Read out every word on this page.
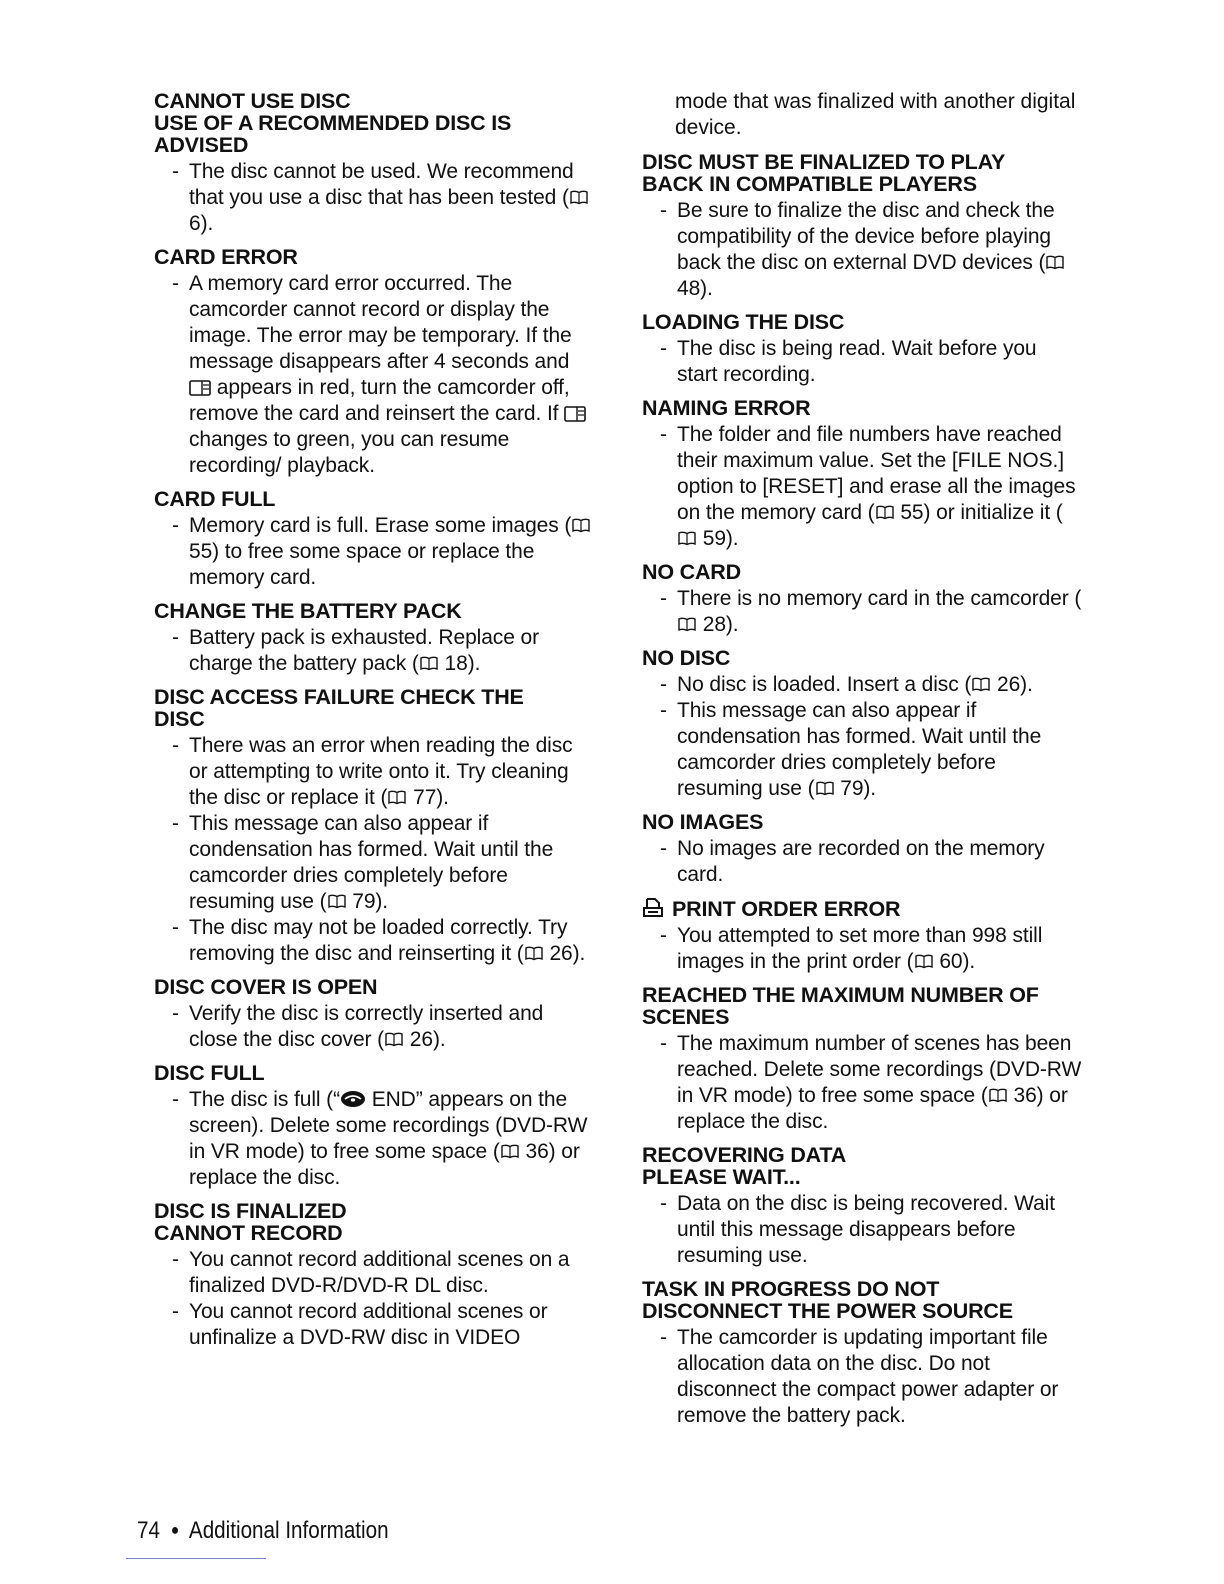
CANNOT USE DISC
USE OF A RECOMMENDED DISC IS
ADVISED
- The disc cannot be used. We recommend that you use a disc that has been tested ( 6).
CARD ERROR
- A memory card error occurred. The camcorder cannot record or display the image. The error may be temporary. If the message disappears after 4 seconds and  appears in red, turn the camcorder off, remove the card and reinsert the card. If  changes to green, you can resume recording/ playback.
CARD FULL
- Memory card is full. Erase some images ( 55) to free some space or replace the memory card.
CHANGE THE BATTERY PACK
- Battery pack is exhausted. Replace or charge the battery pack ( 18).
DISC ACCESS FAILURE CHECK THE
DISC
- There was an error when reading the disc or attempting to write onto it. Try cleaning the disc or replace it ( 77).
- This message can also appear if condensation has formed. Wait until the camcorder dries completely before resuming use ( 79).
- The disc may not be loaded correctly. Try removing the disc and reinserting it ( 26).
DISC COVER IS OPEN
- Verify the disc is correctly inserted and close the disc cover ( 26).
DISC FULL
- The disc is full (“ END” appears on the screen). Delete some recordings (DVD-RW in VR mode) to free some space ( 36) or replace the disc.
DISC IS FINALIZED
CANNOT RECORD
- You cannot record additional scenes on a finalized DVD-R/DVD-R DL disc.
- You cannot record additional scenes or unfinalize a DVD-RW disc in VIDEO
mode that was finalized with another digital device.
DISC MUST BE FINALIZED TO PLAY
BACK IN COMPATIBLE PLAYERS
- Be sure to finalize the disc and check the compatibility of the device before playing back the disc on external DVD devices ( 48).
LOADING THE DISC
- The disc is being read. Wait before you start recording.
NAMING ERROR
- The folder and file numbers have reached their maximum value. Set the [FILE NOS.] option to [RESET] and erase all the images on the memory card ( 55) or initialize it ( 59).
NO CARD
- There is no memory card in the camcorder ( 28).
NO DISC
- No disc is loaded. Insert a disc ( 26).
- This message can also appear if condensation has formed. Wait until the camcorder dries completely before resuming use ( 79).
NO IMAGES
- No images are recorded on the memory card.
PRINT ORDER ERROR
- You attempted to set more than 998 still images in the print order ( 60).
REACHED THE MAXIMUM NUMBER OF
SCENES
- The maximum number of scenes has been reached. Delete some recordings (DVD-RW in VR mode) to free some space ( 36) or replace the disc.
RECOVERING DATA
PLEASE WAIT...
- Data on the disc is being recovered. Wait until this message disappears before resuming use.
TASK IN PROGRESS DO NOT
DISCONNECT THE POWER SOURCE
- The camcorder is updating important file allocation data on the disc. Do not disconnect the compact power adapter or remove the battery pack.
74 ● Additional Information
